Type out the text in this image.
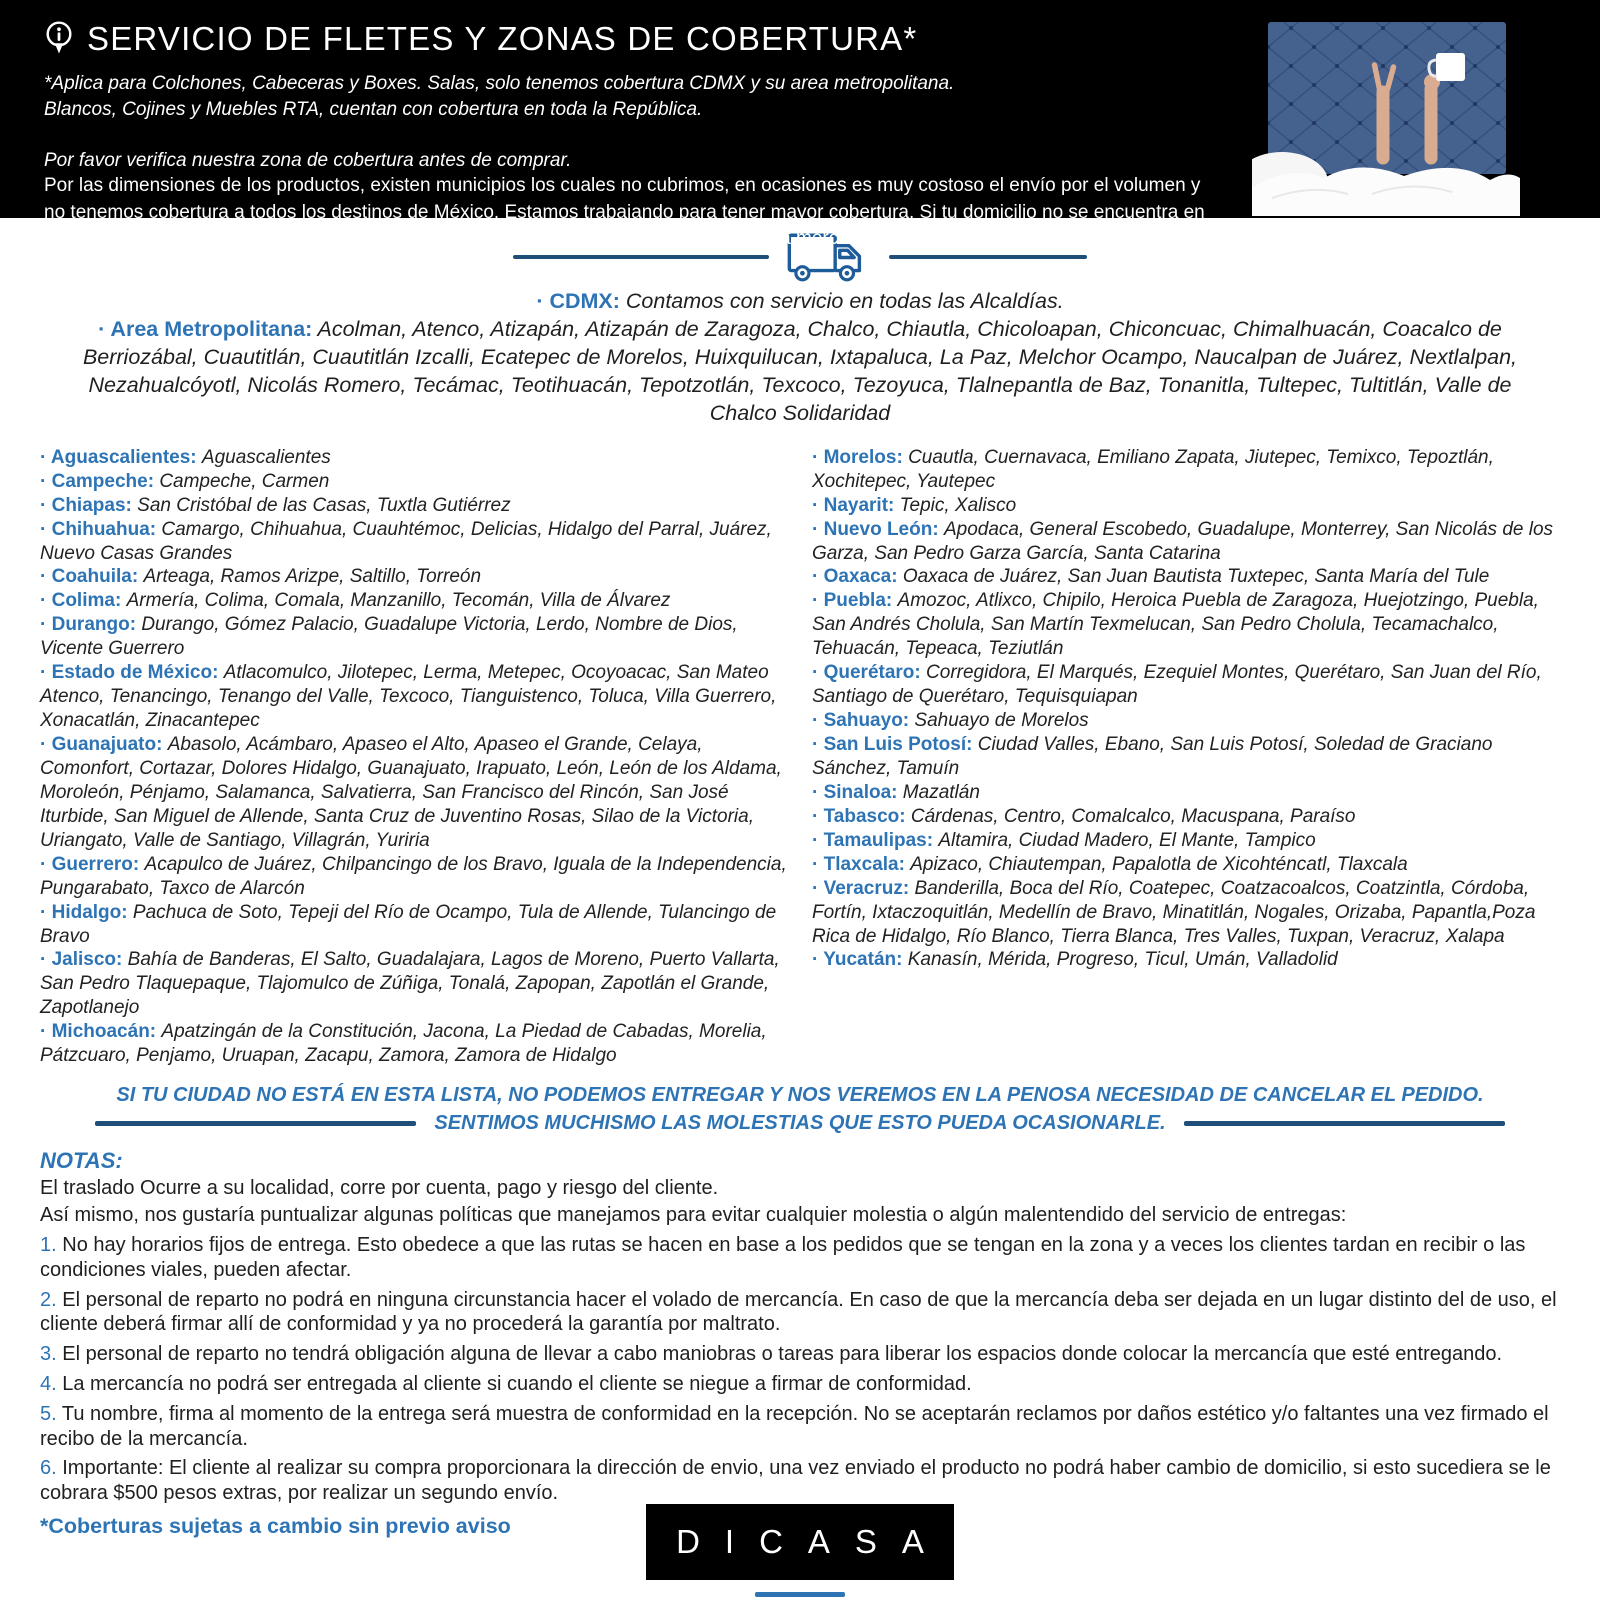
SERVICIO DE FLETES Y ZONAS DE COBERTURA*

*Aplica para Colchones, Cabeceras y Boxes. Salas, solo tenemos cobertura CDMX y su area metropolitana.
Blancos, Cojines y Muebles RTA, cuentan con cobertura en toda la República.

Por favor verifica nuestra zona de cobertura antes de comprar.

Por las dimensiones de los productos, existen municipios los cuales no cubrimos, en ocasiones es muy costoso el envío por el volumen y no tenemos cobertura a todos los destinos de México. Estamos trabajando para tener mayor cobertura. Si tu domicilio no se encuentra en la lista, lo podemos llevar a la ciudad más cercana para que de ahí, tú puedas recoger la mercancía. Esto se llama servicio Ocurre.

· CDMX: Contamos con servicio en todas las Alcaldías.

· Area Metropolitana: Acolman, Atenco, Atizapán, Atizapán de Zaragoza, Chalco, Chiautla, Chicoloapan, Chiconcuac, Chimalhuacán, Coacalco de Berriozábal, Cuautitlán, Cuautitlán Izcalli, Ecatepec de Morelos, Huixquilucan, Ixtapaluca, La Paz, Melchor Ocampo, Naucalpan de Juárez, Nextlalpan, Nezahualcóyotl, Nicolás Romero, Tecámac, Teotihuacán, Tepotzotlán, Texcoco, Tezoyuca, Tlalnepantla de Baz, Tonanitla, Tultepec, Tultitlán, Valle de Chalco Solidaridad

· Aguascalientes: Aguascalientes

· Campeche: Campeche, Carmen

· Chiapas: San Cristóbal de las Casas, Tuxtla Gutiérrez

· Chihuahua: Camargo, Chihuahua, Cuauhtémoc, Delicias, Hidalgo del Parral, Juárez, Nuevo Casas Grandes

· Coahuila: Arteaga, Ramos Arizpe, Saltillo, Torreón

· Colima: Armería, Colima, Comala, Manzanillo, Tecomán, Villa de Álvarez

· Durango: Durango, Gómez Palacio, Guadalupe Victoria, Lerdo, Nombre de Dios, Vicente Guerrero

· Estado de México: Atlacomulco, Jilotepec, Lerma, Metepec, Ocoyoacac, San Mateo Atenco, Tenancingo, Tenango del Valle, Texcoco, Tianguistenco, Toluca, Villa Guerrero, Xonacatlán, Zinacantepec

· Guanajuato: Abasolo, Acámbaro, Apaseo el Alto, Apaseo el Grande, Celaya, Comonfort, Cortazar, Dolores Hidalgo, Guanajuato, Irapuato, León, León de los Aldama, Moroleón, Pénjamo, Salamanca, Salvatierra, San Francisco del Rincón, San José Iturbide, San Miguel de Allende, Santa Cruz de Juventino Rosas, Silao de la Victoria, Uriangato, Valle de Santiago, Villagrán, Yuriria

· Guerrero: Acapulco de Juárez, Chilpancingo de los Bravo, Iguala de la Independencia, Pungarabato, Taxco de Alarcón

· Hidalgo: Pachuca de Soto, Tepeji del Río de Ocampo, Tula de Allende, Tulancingo de Bravo

· Jalisco: Bahía de Banderas, El Salto, Guadalajara, Lagos de Moreno, Puerto Vallarta, San Pedro Tlaquepaque, Tlajomulco de Zúñiga, Tonalá, Zapopan, Zapotlán el Grande, Zapotlanejo

· Michoacán: Apatzingán de la Constitución, Jacona, La Piedad de Cabadas, Morelia, Pátzcuaro, Penjamo, Uruapan, Zacapu, Zamora, Zamora de Hidalgo

· Morelos: Cuautla, Cuernavaca, Emiliano Zapata, Jiutepec, Temixco, Tepoztlán, Xochitepec, Yautepec

· Nayarit: Tepic, Xalisco

· Nuevo León: Apodaca, General Escobedo, Guadalupe, Monterrey, San Nicolás de los Garza, San Pedro Garza García, Santa Catarina

· Oaxaca: Oaxaca de Juárez, San Juan Bautista Tuxtepec, Santa María del Tule

· Puebla: Amozoc, Atlixco, Chipilo, Heroica Puebla de Zaragoza, Huejotzingo, Puebla, San Andrés Cholula, San Martín Texmelucan, San Pedro Cholula, Tecamachalco, Tehuacán, Tepeaca, Teziutlán

· Querétaro: Corregidora, El Marqués, Ezequiel Montes, Querétaro, San Juan del Río, Santiago de Querétaro, Tequisquiapan

· Sahuayo: Sahuayo de Morelos

· San Luis Potosí: Ciudad Valles, Ebano, San Luis Potosí, Soledad de Graciano Sánchez, Tamuín

· Sinaloa: Mazatlán

· Tabasco: Cárdenas, Centro, Comalcalco, Macuspana, Paraíso

· Tamaulipas: Altamira, Ciudad Madero, El Mante, Tampico

· Tlaxcala: Apizaco, Chiautempan, Papalotla de Xicohténcatl, Tlaxcala

· Veracruz: Banderilla, Boca del Río, Coatepec, Coatzacoalcos, Coatzintla, Córdoba, Fortín, Ixtaczoquitlán, Medellín de Bravo, Minatitlán, Nogales, Orizaba, Papantla,Poza Rica de Hidalgo, Río Blanco, Tierra Blanca, Tres Valles, Tuxpan, Veracruz, Xalapa

· Yucatán: Kanasín, Mérida, Progreso, Ticul, Umán, Valladolid

SI TU CIUDAD NO ESTÁ EN ESTA LISTA, NO PODEMOS ENTREGAR Y NOS VEREMOS EN LA PENOSA NECESIDAD DE CANCELAR EL PEDIDO.

SENTIMOS MUCHISMO LAS MOLESTIAS QUE ESTO PUEDA OCASIONARLE.

NOTAS:

El traslado Ocurre a su localidad, corre por cuenta, pago y riesgo del cliente.

Así mismo, nos gustaría puntualizar algunas políticas que manejamos para evitar cualquier molestia o algún malentendido del servicio de entregas:

1. No hay horarios fijos de entrega. Esto obedece a que las rutas se hacen en base a los pedidos que se tengan en la zona y a veces los clientes tardan en recibir o las condiciones viales, pueden afectar.

2. El personal de reparto no podrá en ninguna circunstancia hacer el volado de mercancía. En caso de que la mercancía deba ser dejada en un lugar distinto del de uso, el cliente deberá firmar allí de conformidad y ya no procederá la garantía por maltrato.

3. El personal de reparto no tendrá obligación alguna de llevar a cabo maniobras o tareas para liberar los espacios donde colocar la mercancía que esté entregando.

4. La mercancía no podrá ser entregada al cliente si cuando el cliente se niegue a firmar de conformidad.

5. Tu nombre, firma al momento de la entrega será muestra de conformidad en la recepción. No se aceptarán reclamos por daños estético y/o faltantes una vez firmado el recibo de la mercancía.

6. Importante: El cliente al realizar su compra proporcionara la dirección de envio, una vez enviado el producto no podrá haber cambio de domicilio, si esto sucediera se le cobrara $500 pesos extras, por realizar un segundo envío.

*Coberturas sujetas a cambio sin previo aviso	DICASA
